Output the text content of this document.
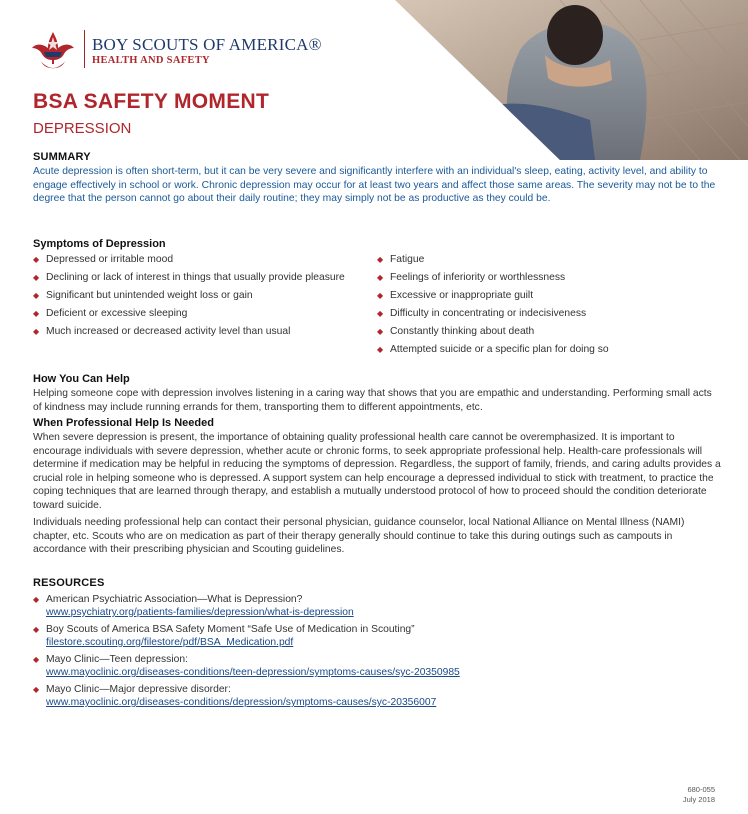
BOY SCOUTS OF AMERICA®
HEALTH AND SAFETY
BSA SAFETY MOMENT
DEPRESSION
SUMMARY
Acute depression is often short-term, but it can be very severe and significantly interfere with an individual's sleep, eating, activity level, and ability to engage effectively in school or work. Chronic depression may occur for at least two years and affect those same areas. The severity may not be to the degree that the person cannot go about their daily routine; they may simply not be as productive as they could be.
Symptoms of Depression
◆ Depressed or irritable mood
◆ Declining or lack of interest in things that usually provide pleasure
◆ Significant but unintended weight loss or gain
◆ Deficient or excessive sleeping
◆ Much increased or decreased activity level than usual
◆ Fatigue
◆ Feelings of inferiority or worthlessness
◆ Excessive or inappropriate guilt
◆ Difficulty in concentrating or indecisiveness
◆ Constantly thinking about death
◆ Attempted suicide or a specific plan for doing so
How You Can Help
Helping someone cope with depression involves listening in a caring way that shows that you are empathic and understanding. Performing small acts of kindness may include running errands for them, transporting them to different appointments, etc.
When Professional Help Is Needed
When severe depression is present, the importance of obtaining quality professional health care cannot be overemphasized. It is important to encourage individuals with severe depression, whether acute or chronic forms, to seek appropriate professional help. Health-care professionals will determine if medication may be helpful in reducing the symptoms of depression. Regardless, the support of family, friends, and caring adults provides a crucial role in helping someone who is depressed. A support system can help encourage a depressed individual to stick with treatment, to practice the coping techniques that are learned through therapy, and establish a mutually understood protocol of how to proceed should the condition deteriorate toward suicide.
Individuals needing professional help can contact their personal physician, guidance counselor, local National Alliance on Mental Illness (NAMI) chapter, etc. Scouts who are on medication as part of their therapy generally should continue to take this during outings such as campouts in accordance with their prescribing physician and Scouting guidelines.
RESOURCES
◆ American Psychiatric Association—What is Depression?
www.psychiatry.org/patients-families/depression/what-is-depression
◆ Boy Scouts of America BSA Safety Moment “Safe Use of Medication in Scouting”
filestore.scouting.org/filestore/pdf/BSA_Medication.pdf
◆ Mayo Clinic—Teen depression:
www.mayoclinic.org/diseases-conditions/teen-depression/symptoms-causes/syc-20350985
◆ Mayo Clinic—Major depressive disorder:
www.mayoclinic.org/diseases-conditions/depression/symptoms-causes/syc-20356007
680-055
July 2018
